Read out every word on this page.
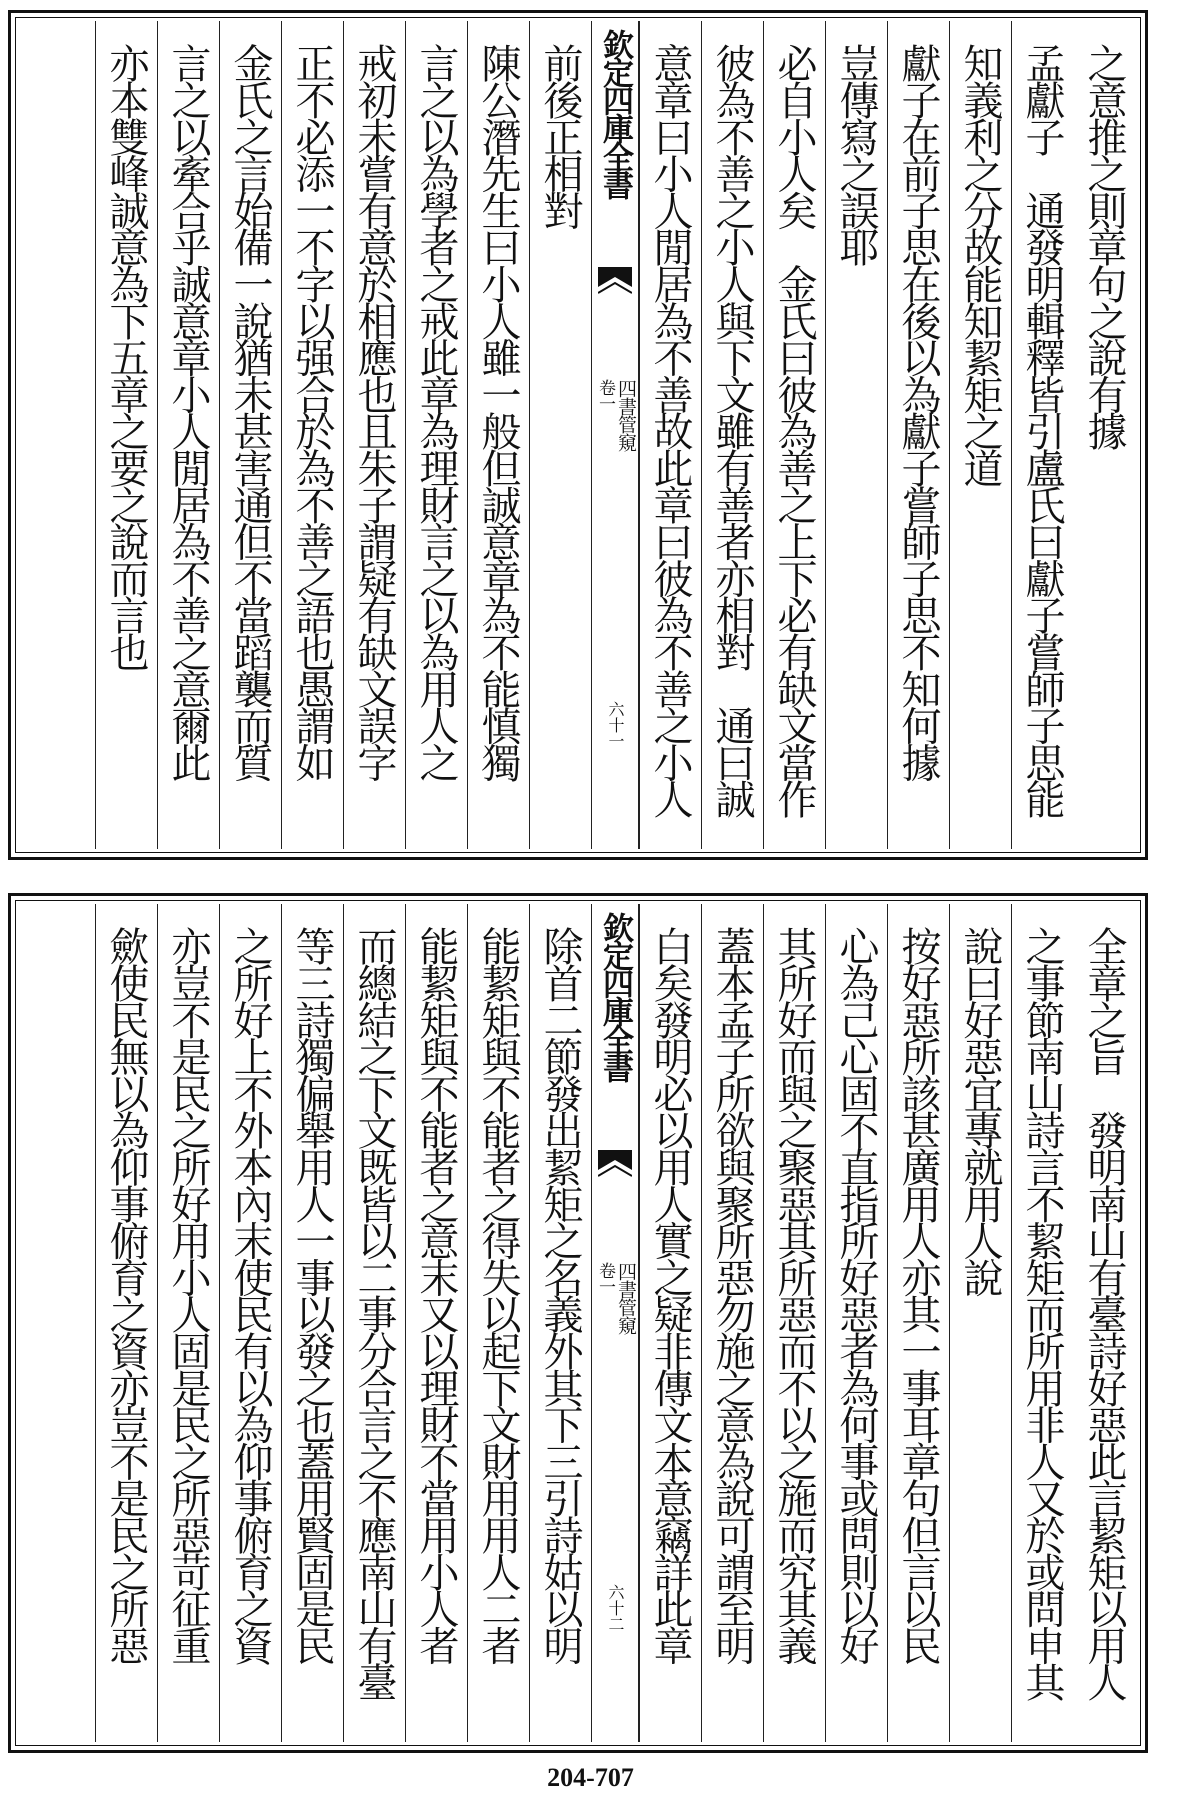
之意推之則章句之說有據
孟獻子　通發明輯釋皆引盧氏曰獻子嘗師子思能
知義利之分故能知絜矩之道
獻子在前子思在後以為獻子嘗師子思不知何據
豈傳寫之誤耶
必自小人矣　金氏曰彼為善之上下必有缺文當作
彼為不善之小人與下文雖有善者亦相對　通曰誠
意章曰小人閒居為不善故此章曰彼為不善之小人
欽定四庫全書
四書管窺
卷一
六十一
前後正相對
陳公潛先生曰小人雖一般但誠意章為不能慎獨
言之以為學者之戒此章為理財言之以為用人之
戒初未嘗有意於相應也且朱子謂疑有缺文誤字
正不必添一不字以强合於為不善之語也愚謂如
金氏之言始備一說猶未甚害通但不當蹈襲而質
言之以牽合乎誠意章小人閒居為不善之意爾此
亦本雙峰誠意為下五章之要之說而言也
全章之旨　發明南山有臺詩好惡此言絜矩以用人
之事節南山詩言不絜矩而所用非人又於或問申其
說曰好惡宜專就用人說
按好惡所該甚廣用人亦其一事耳章句但言以民
心為己心固不直指所好惡者為何事或問則以好
其所好而與之聚惡其所惡而不以之施而究其義
蓋本孟子所欲與聚所惡勿施之意為說可謂至明
白矣發明必以用人實之疑非傳文本意竊詳此章
欽定四庫全書
四書管窺
卷一
六十二
除首二節發出絜矩之名義外其下三引詩姑以明
能絜矩與不能者之得失以起下文財用用人二者
能絜矩與不能者之意末又以理財不當用小人者
而總結之下文既皆以二事分合言之不應南山有臺
等三詩獨偏舉用人一事以發之也蓋用賢固是民
之所好上不外本內末使民有以為仰事俯育之資
亦豈不是民之所好用小人固是民之所惡苛征重
歛使民無以為仰事俯育之資亦豈不是民之所惡
204-707
